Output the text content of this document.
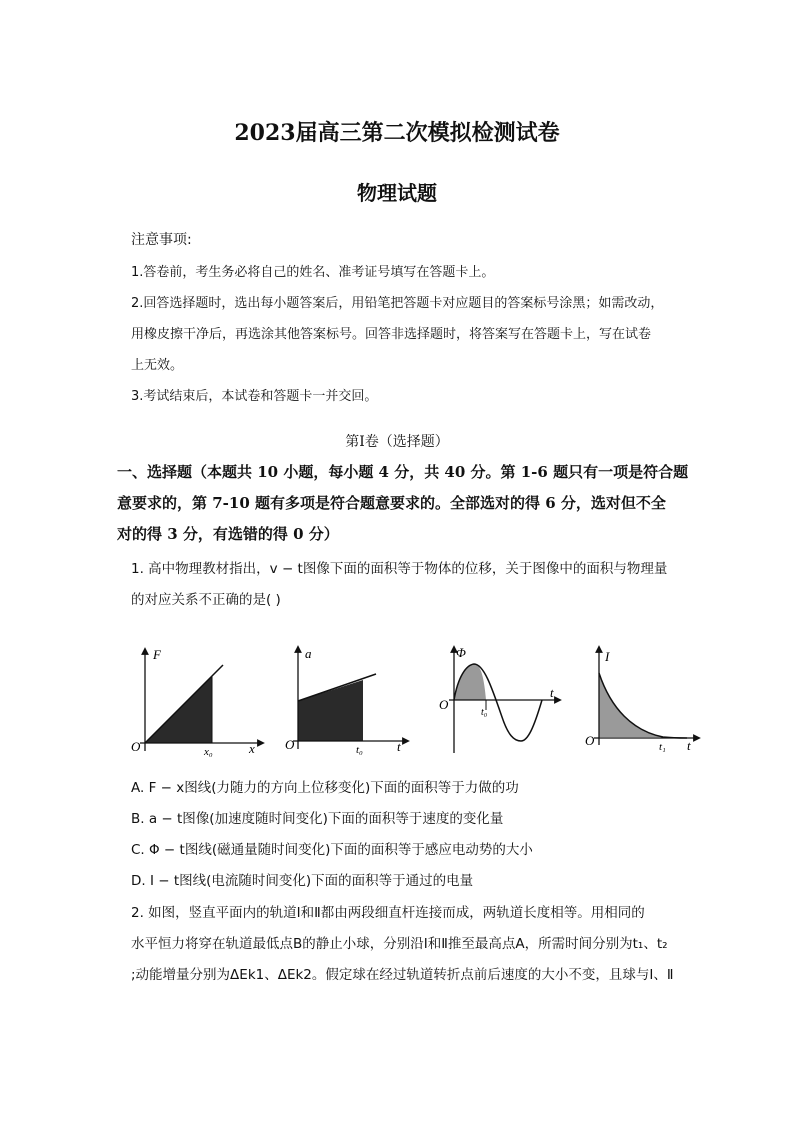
2023届高三第二次模拟检测试卷
物理试题
注意事项:
1.答卷前，考生务必将自己的姓名、准考证号填写在答题卡上。
2.回答选择题时，选出每小题答案后，用铅笔把答题卡对应题目的答案标号涂黑；如需改动，
用橡皮擦干净后，再选涂其他答案标号。回答非选择题时，将答案写在答题卡上，写在试卷
上无效。
3.考试结束后，本试卷和答题卡一并交回。
第Ⅰ卷（选择题）
一、选择题（本题共 10 小题，每小题 4 分，共 40 分。第 1-6 题只有一项是符合题
意要求的，第 7-10 题有多项是符合题意要求的。全部选对的得 6 分，选对但不全
对的得 3 分，有选错的得 0 分）
1. 高中物理教材指出，v − t图像下面的面积等于物体的位移，关于图像中的面积与物理量
的对应关系不正确的是( )
F
O	x₀	x
a
O	t₀	t
Φ
O
t₀
t
I
O	t₁ t
A. F − x图线(力随力的方向上位移变化)下面的面积等于力做的功
B. a − t图像(加速度随时间变化)下面的面积等于速度的变化量
C. Φ − t图线(磁通量随时间变化)下面的面积等于感应电动势的大小
D. I − t图线(电流随时间变化)下面的面积等于通过的电量
2. 如图，竖直平面内的轨道Ⅰ和Ⅱ都由两段细直杆连接而成，两轨道长度相等。用相同的
水平恒力将穿在轨道最低点B的静止小球，分别沿Ⅰ和Ⅱ推至最高点A，所需时间分别为t₁、t₂
;动能增量分别为ΔEk1、ΔEk2。假定球在经过轨道转折点前后速度的大小不变，且球与Ⅰ、Ⅱ
